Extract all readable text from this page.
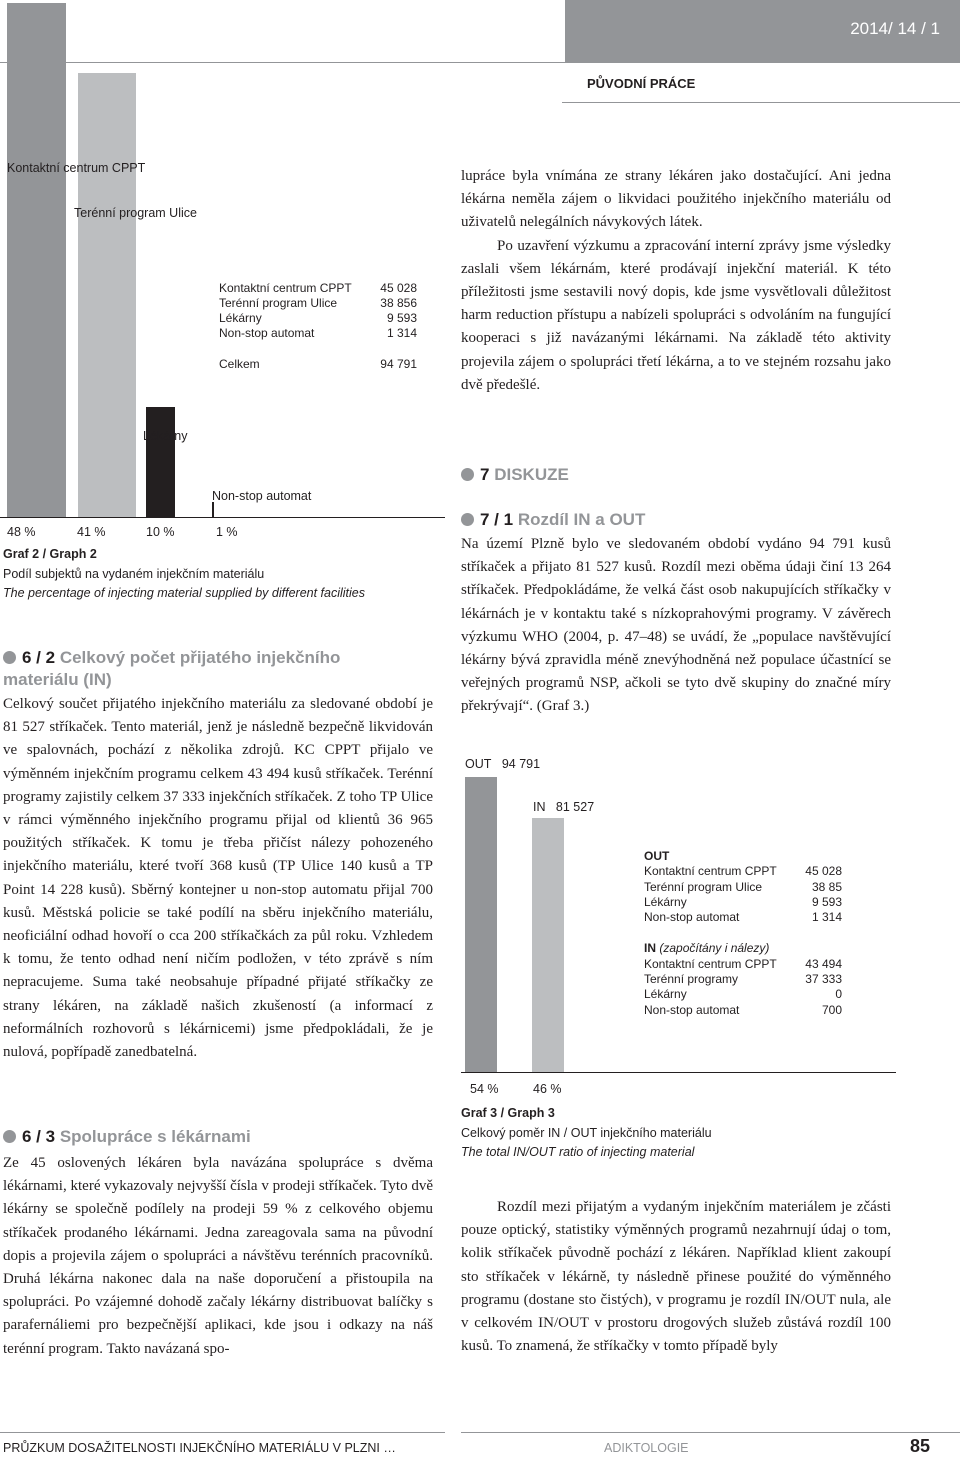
2014/ 14 / 1
PŮVODNÍ PRÁCE
Kontaktní centrum CPPT
Terénní program Ulice
Lékárny
Non-stop automat
48 %	41 %	10 %	1 %
Kontaktní centrum CPPT 45 028
Terénní program Ulice	38 856
Lékárny	9 593
Non-stop automat	1 314
Celkem	94 791
Graf 2 / Graph 2
Podíl subjektů na vydaném injekčním materiálu
The percentage of injecting material supplied by different facilities
6 / 2 Celkový počet přijatého injekčního
materiálu (IN)

Celkový součet přijatého injekčního materiálu za sledované období je 81 527 stříkaček. Tento materiál, jenž je následně bezpečně likvidován ve spalovnách, pochází z několika zdrojů. KC CPPT přijalo ve výměnném injekčním programu celkem 43 494 kusů stříkaček. Terénní programy zajistily celkem 37 333 injekčních stříkaček. Z toho TP Ulice v rámci výměnného injekčního programu přijal od klientů 36 965 použitých stříkaček. K tomu je třeba přičíst nálezy pohozeného injekčního materiálu, které tvoří 368 kusů (TP Ulice 140 kusů a TP Point 14 228 kusů). Sběrný kontejner u non-stop automatu přijal 700 kusů. Městská policie se také podílí na sběru injekčního materiálu, neoficiální odhad hovoří o cca 200 stříkačkách za půl roku. Vzhledem k tomu, že tento odhad není ničím podložen, v této zprávě s ním nepracujeme. Suma také neobsahuje případné přijaté stříkačky ze strany lékáren, na základě našich zkušeností (a informací z neformálních rozhovorů s lékárnicemi) jsme předpokládali, že je nulová, popřípadě zanedbatelná.

6 / 3 Spolupráce s lékárnami

Ze 45 oslovených lékáren byla navázána spolupráce s dvěma lékárnami, které vykazovaly nejvyšší čísla v prodeji stříkaček. Tyto dvě lékárny se společně podílely na prodeji 59 % z celkového objemu stříkaček prodaného lékárnami. Jednа zareagovala sama na původní dopis a projevila zájem o spolupráci a návštěvu terénních pracovníků. Druhá lékárna nakonec dala na naše doporučení a přistoupila na spolupráci. Po vzájemné dohodě začaly lékárny distribuovat balíčky s parafernáliemi pro bezpečnější aplikaci, kde jsou i odkazy na náš terénní program. Takto navázaná spo-

lupráce byla vnímána ze strany lékáren jako dostačující. Ani jedna lékárna neměla zájem o likvidaci použitého injekčního materiálu od uživatelů nelegálních návykových látek.

Po uzavření výzkumu a zpracování interní zprávy jsme výsledky zaslali všem lékárnám, které prodávají injekční materiál. K této příležitosti jsme sestavili nový dopis, kde jsme vysvětlovali důležitost harm reduction přístupu a nabízeli spolupráci s odvoláním na fungující kooperaci s již navázanými lékárnami. Na základě této aktivity projevila zájem o spolupráci třetí lékárna, a to ve stejném rozsahu jako dvě předešlé.

7 DISKUZE
7 / 1 Rozdíl IN a OUT

Na území Plzně bylo ve sledovaném období vydáno 94 791 kusů stříkaček a přijato 81 527 kusů. Rozdíl mezi oběma údaji činí 13 264 stříkaček. Předpokládáme, že velká část osob nakupujících stříkačky v lékárnách je v kontaktu také s nízkoprahovými programy. V závěrech výzkumu WHO (2004, p. 47–48) se uvádí, že „populace navštěvující lékárny bývá zpravidla méně znevýhodněná než populace účastnící se veřejných programů NSP, ačkoli se tyto dvě skupiny do značné míry překrývají“. (Graf 3.)

OUT 94 791
IN 81 527
54 %	46 %
OUT
Kontaktní centrum CPPT 45 028
Terénní program Ulice	38 85
Lékárny	9 593
Non-stop automat	1 314
IN (započítány i nálezy)
Kontaktní centrum CPPT 43 494
Terénní programy	37 333
Lékárny	0
Non-stop automat	700
Graf 3 / Graph 3
Celkový poměr IN / OUT injekčního materiálu
The total IN/OUT ratio of injecting material

Rozdíl mezi přijatým a vydaným injekčním materiálem je zčásti pouze optický, statistiky výměnných programů nezahrnují údaj o tom, kolik stříkaček původně pochází z lékáren. Například klient zakoupí sto stříkaček v lékárně, ty následně přinese použité do výměnného programu (dostane sto čistých), v programu je rozdíl IN/OUT nula, ale v celkovém IN/OUT v prostoru drogových služeb zůstává rozdíl 100 kusů. To znamená, že stříkačky v tomto případě byly

PRŮZKUM DOSAŽITELNOSTI INJEKČNÍHO MATERIÁLU V PLZNI …	ADIKTOLOGIE	85
